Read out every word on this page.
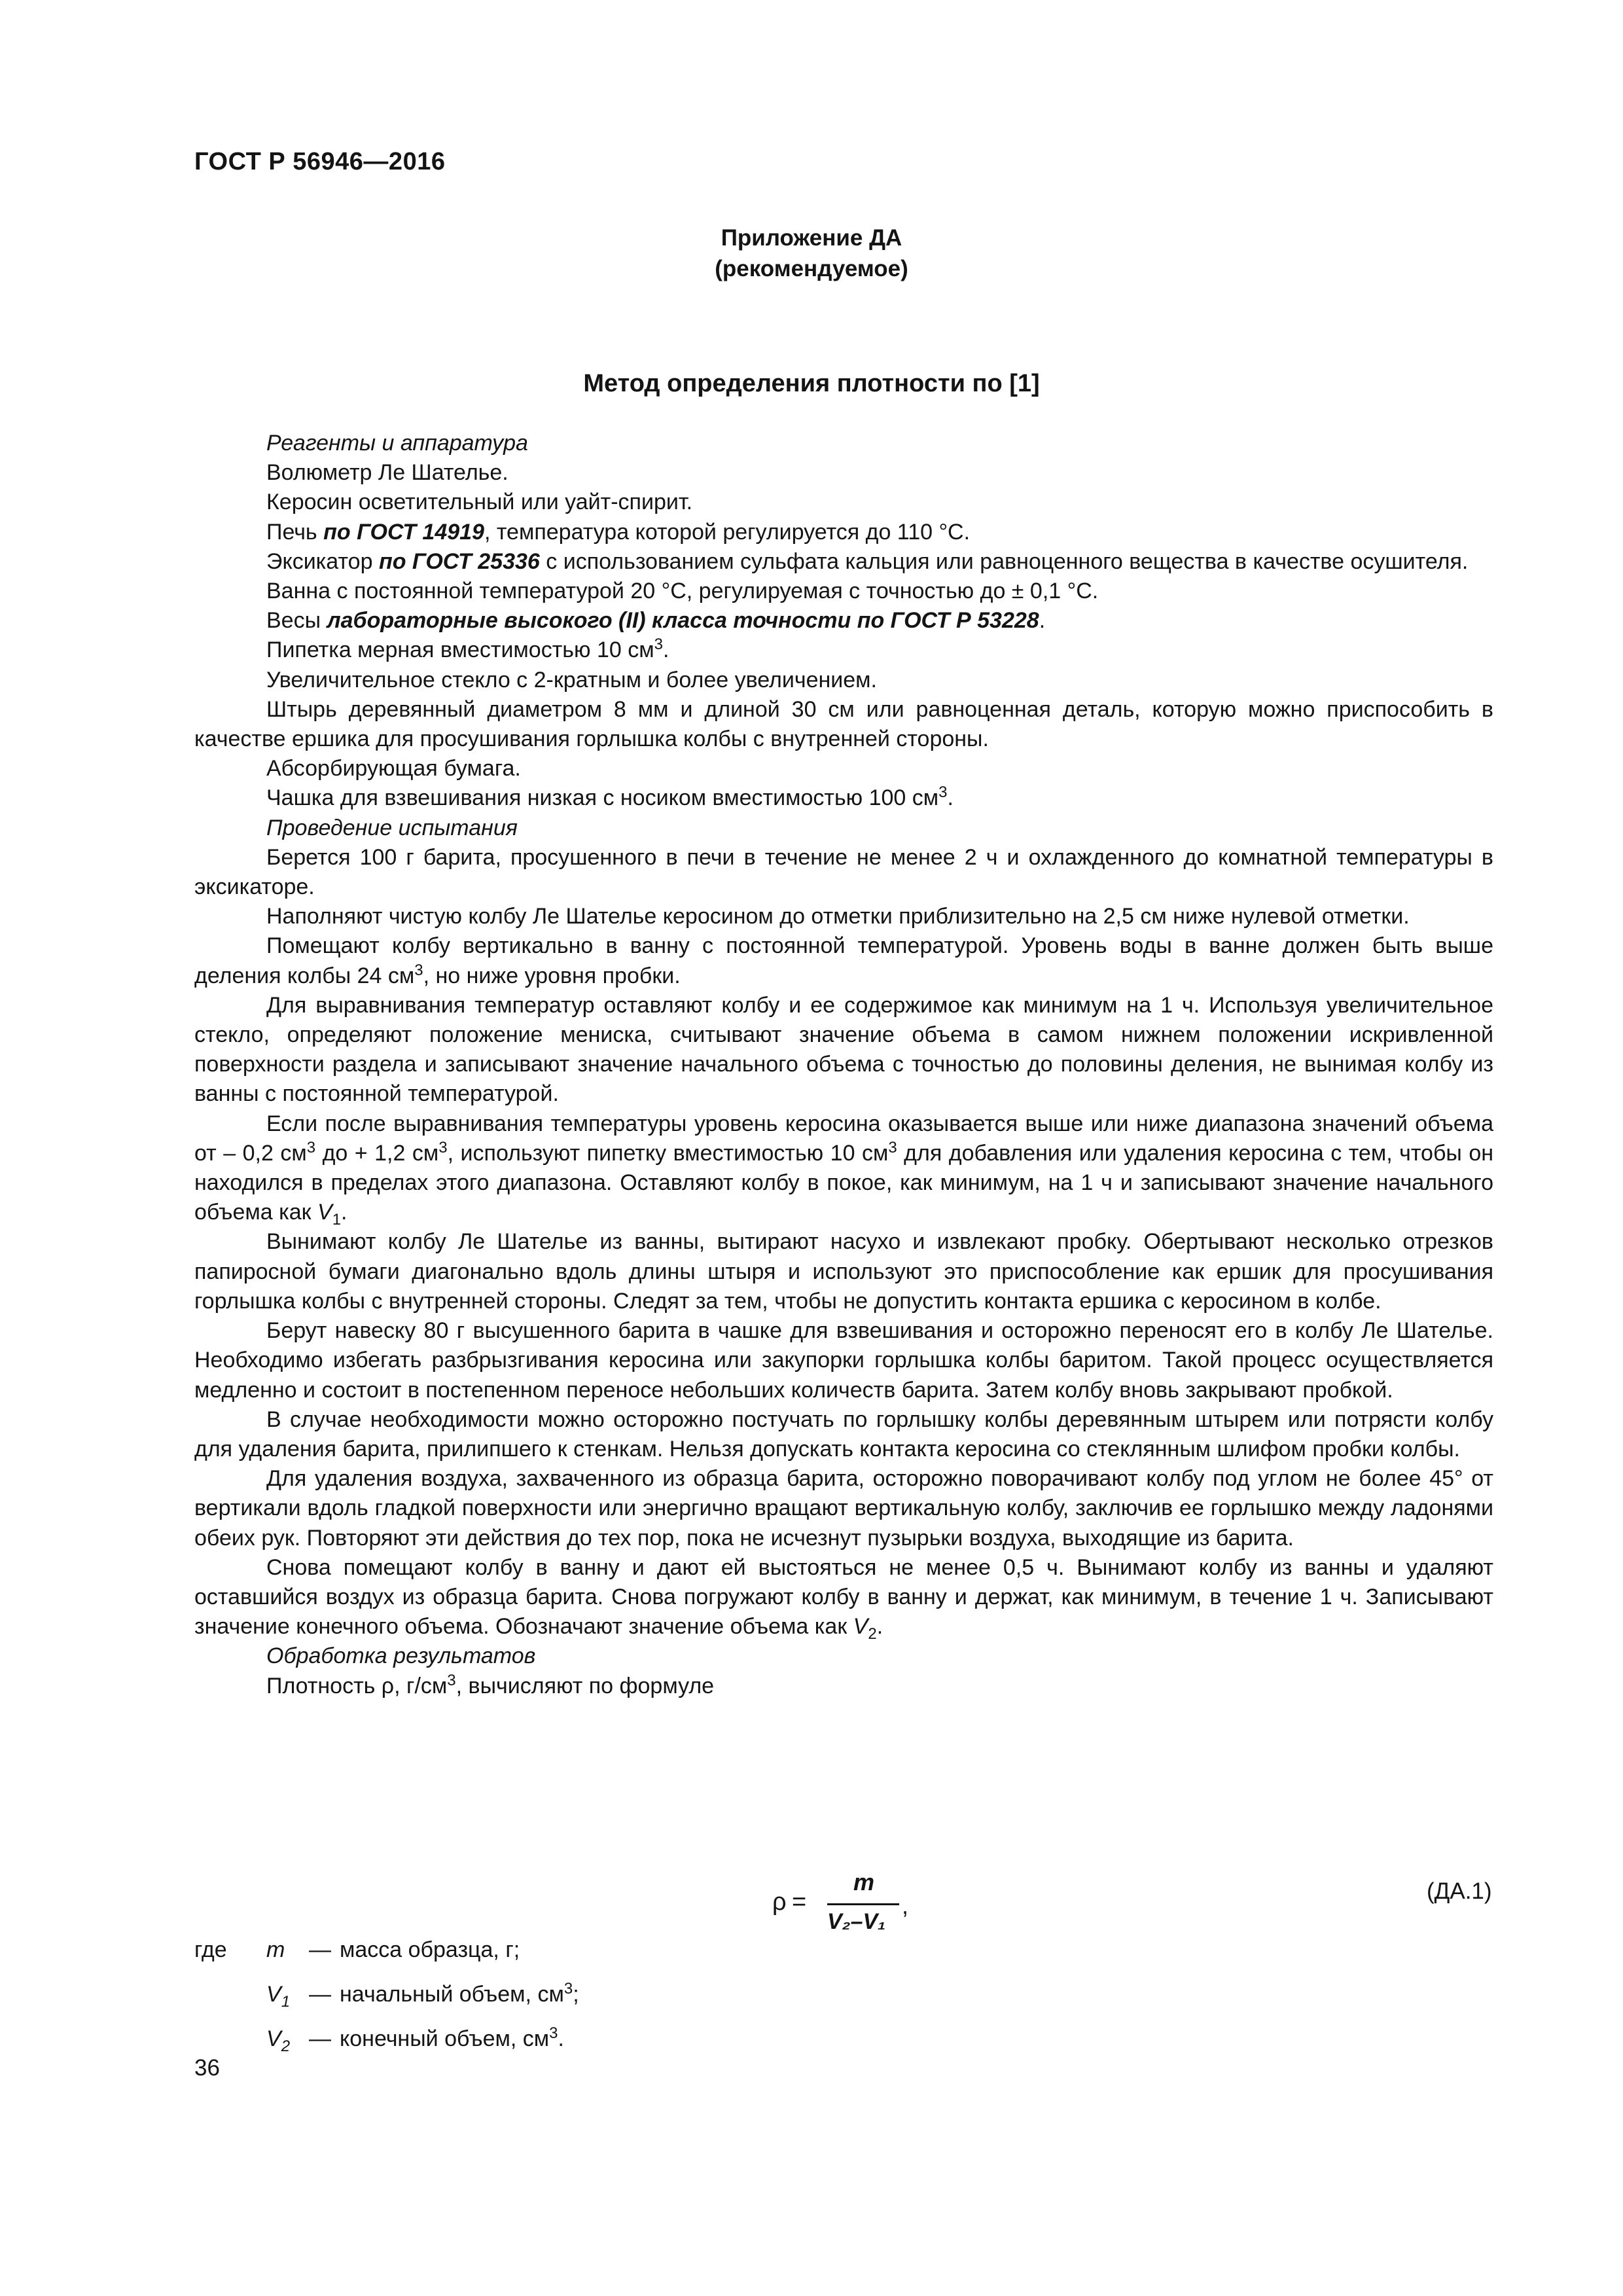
ГОСТ Р 56946—2016
Приложение ДА
(рекомендуемое)
Метод определения плотности по [1]

Реагенты и аппаратура

Волюметр Ле Шателье.

Керосин осветительный или уайт-спирит.

Печь по ГОСТ 14919, температура которой регулируется до 110 °С.

Эксикатор по ГОСТ 25336 с использованием сульфата кальция или равноценного вещества в качестве осушителя.

Ванна с постоянной температурой 20 °С, регулируемая с точностью до ± 0,1 °С.

Весы лабораторные высокого (II) класса точности по ГОСТ Р 53228.

Пипетка мерная вместимостью 10 $см^3$.

Увеличительное стекло с 2-кратным и более увеличением.

Штырь деревянный диаметром 8 мм и длиной 30 см или равноценная деталь, которую можно приспособить в качестве ершика для просушивания горлышка колбы с внутренней стороны.

Абсорбирующая бумага.

Чашка для взвешивания низкая с носиком вместимостью 100 $см^3$.

Проведение испытания

Берется 100 г барита, просушенного в печи в течение не менее 2 ч и охлажденного до комнатной температуры в эксикаторе.

Наполняют чистую колбу Ле Шателье керосином до отметки приблизительно на 2,5 см ниже нулевой отметки.

Помещают колбу вертикально в ванну с постоянной температурой. Уровень воды в ванне должен быть выше деления колбы 24 $см^3$, но ниже уровня пробки.

Для выравнивания температур оставляют колбу и ее содержимое как минимум на 1 ч. Используя увеличительное стекло, определяют положение мениска, считывают значение объема в самом нижнем положении искривленной поверхности раздела и записывают значение начального объема с точностью до половины деления, не вынимая колбу из ванны с постоянной температурой.

Если после выравнивания температуры уровень керосина оказывается выше или ниже диапазона значений объема от – 0,2 $см^3$ до + 1,2 $см^3$, используют пипетку вместимостью 10 $см^3$ для добавления или удаления керосина с тем, чтобы он находился в пределах этого диапазона. Оставляют колбу в покое, как минимум, на 1 ч и записывают значение начального объема как $V_1$.

Вынимают колбу Ле Шателье из ванны, вытирают насухо и извлекают пробку. Обертывают несколько отрезков папиросной бумаги диагонально вдоль длины штыря и используют это приспособление как ершик для просушивания горлышка колбы с внутренней стороны. Следят за тем, чтобы не допустить контакта ершика с керосином в колбе.

Берут навеску 80 г высушенного барита в чашке для взвешивания и осторожно переносят его в колбу Ле Шателье. Необходимо избегать разбрызгивания керосина или закупорки горлышка колбы баритом. Такой процесс осуществляется медленно и состоит в постепенном переносе небольших количеств барита. Затем колбу вновь закрывают пробкой.

В случае необходимости можно осторожно постучать по горлышку колбы деревянным штырем или потрясти колбу для удаления барита, прилипшего к стенкам. Нельзя допускать контакта керосина со стеклянным шлифом пробки колбы.

Для удаления воздуха, захваченного из образца барита, осторожно поворачивают колбу под углом не более 45° от вертикали вдоль гладкой поверхности или энергично вращают вертикальную колбу, заключив ее горлышко между ладонями обеих рук. Повторяют эти действия до тех пор, пока не исчезнут пузырьки воздуха, выходящие из барита.

Снова помещают колбу в ванну и дают ей выстояться не менее 0,5 ч. Вынимают колбу из ванны и удаляют оставшийся воздух из образца барита. Снова погружают колбу в ванну и держат, как минимум, в течение 1 ч. Записывают значение конечного объема. Обозначают значение объема как $V_2$.

Обработка результатов

Плотность ρ, $г/см^3$, вычисляют по формуле

ρ =
m
V₂–V₁
,
(ДА.1)
где m — масса образца, г;
$V_1$ — начальный объем, $см^3$;
$V_2$ — конечный объем, $см^3$.
36
